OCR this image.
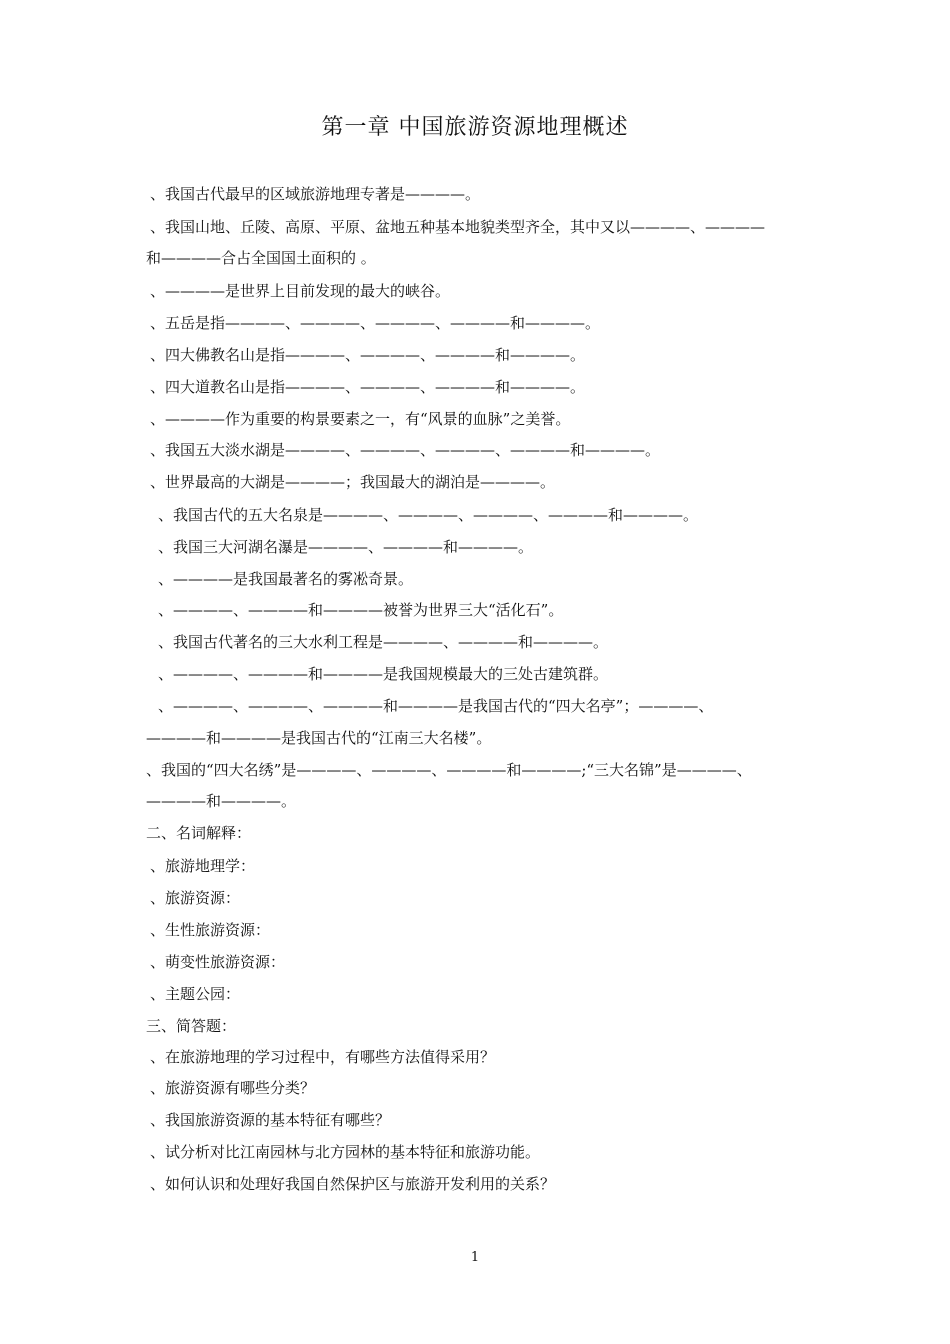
第一章 中国旅游资源地理概述
、我国古代最早的区域旅游地理专著是————。
、我国山地、丘陵、高原、平原、盆地五种基本地貌类型齐全，其中又以————、————
和————合占全国国土面积的 。
、————是世界上目前发现的最大的峡谷。
、五岳是指————、————、————、————和————。
、四大佛教名山是指————、————、————和————。
、四大道教名山是指————、————、————和————。
、————作为重要的构景要素之一，有“风景的血脉”之美誉。
、我国五大淡水湖是————、————、————、————和————。
、世界最高的大湖是————；我国最大的湖泊是————。
、我国古代的五大名泉是————、————、————、————和————。
、我国三大河湖名瀑是————、————和————。
、————是我国最著名的雾凇奇景。
、————、————和————被誉为世界三大“活化石”。
、我国古代著名的三大水利工程是————、————和————。
、————、————和————是我国规模最大的三处古建筑群。
、————、————、————和————是我国古代的“四大名亭”；————、
————和————是我国古代的“江南三大名楼”。
、我国的“四大名绣”是————、————、————和————;“三大名锦”是————、
————和————。
二、名词解释：
、旅游地理学：
、旅游资源：
、生性旅游资源：
、萌变性旅游资源：
、主题公园：
三、简答题：
、在旅游地理的学习过程中，有哪些方法值得采用？
、旅游资源有哪些分类？
、我国旅游资源的基本特征有哪些？
、试分析对比江南园林与北方园林的基本特征和旅游功能。
、如何认识和处理好我国自然保护区与旅游开发利用的关系？
1
